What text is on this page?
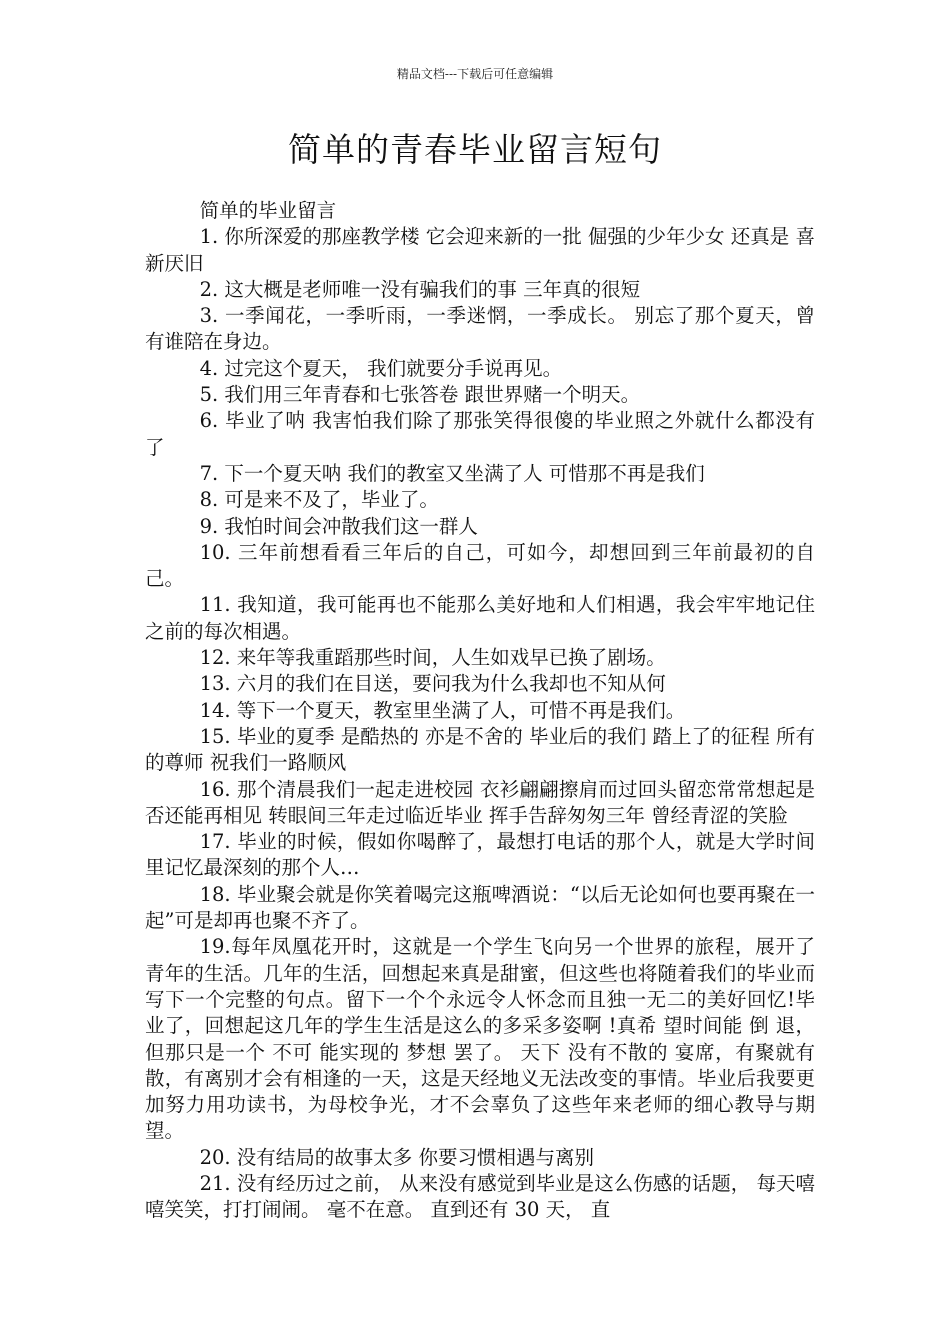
精品文档---下载后可任意编辑
简单的青春毕业留言短句

简单的毕业留言

1. 你所深爱的那座教学楼 它会迎来新的一批 倔强的少年少女 还真是 喜新厌旧

2. 这大概是老师唯一没有骗我们的事 三年真的很短

3. 一季闻花，一季听雨，一季迷惘，一季成长。 别忘了那个夏天，曾有谁陪在身边。

4. 过完这个夏天， 我们就要分手说再见。

5. 我们用三年青春和七张答卷 跟世界赌一个明天。

6. 毕业了呐 我害怕我们除了那张笑得很傻的毕业照之外就什么都没有了

7. 下一个夏天呐 我们的教室又坐满了人 可惜那不再是我们

8. 可是来不及了，毕业了。

9. 我怕时间会冲散我们这一群人

10. 三年前想看看三年后的自己，可如今，却想回到三年前最初的自己。

11. 我知道，我可能再也不能那么美好地和人们相遇，我会牢牢地记住之前的每次相遇。

12. 来年等我重蹈那些时间，人生如戏早已换了剧场。

13. 六月的我们在目送，要问我为什么我却也不知从何

14. 等下一个夏天，教室里坐满了人，可惜不再是我们。

15. 毕业的夏季 是酷热的 亦是不舍的 毕业后的我们 踏上了的征程 所有的尊师 祝我们一路顺风

16. 那个清晨我们一起走进校园 衣衫翩翩擦肩而过回头留恋常常想起是否还能再相见 转眼间三年走过临近毕业 挥手告辞匆匆三年 曾经青涩的笑脸

17. 毕业的时候，假如你喝醉了，最想打电话的那个人，就是大学时间里记忆最深刻的那个人…

18. 毕业聚会就是你笑着喝完这瓶啤酒说：“以后无论如何也要再聚在一起”可是却再也聚不齐了。

19.每年凤凰花开时，这就是一个学生飞向另一个世界的旅程，展开了青年的生活。几年的生活，回想起来真是甜蜜，但这些也将随着我们的毕业而写下一个完整的句点。留下一个个永远令人怀念而且独一无二的美好回忆!毕业了，回想起这几年的学生生活是这么的多采多姿啊 !真希 望时间能 倒 退，但那只是一个 不可 能实现的 梦想 罢了。 天下 没有不散的 宴席，有聚就有散，有离别才会有相逢的一天，这是天经地义无法改变的事情。毕业后我要更加努力用功读书，为母校争光，才不会辜负了这些年来老师的细心教导与期望。

20. 没有结局的故事太多 你要习惯相遇与离别

21. 没有经历过之前， 从来没有感觉到毕业是这么伤感的话题， 每天嘻嘻笑笑，打打闹闹。 毫不在意。 直到还有 30 天， 直
